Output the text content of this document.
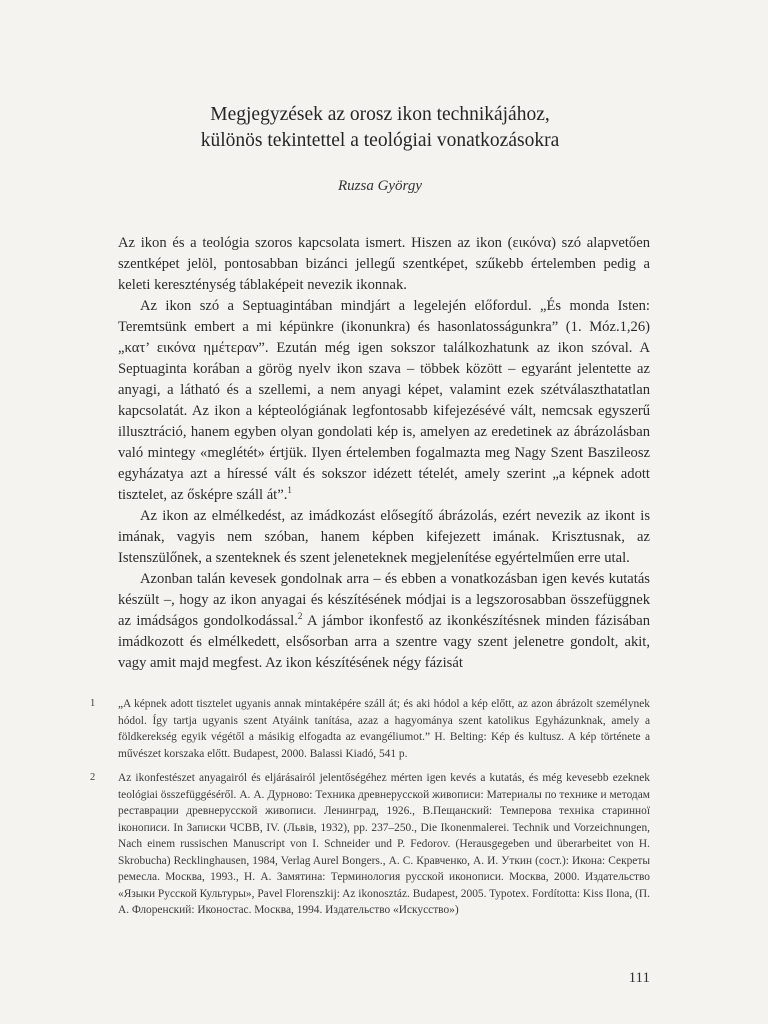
Megjegyzések az orosz ikon technikájához,
különös tekintettel a teológiai vonatkozásokra
Ruzsa György

Az ikon és a teológia szoros kapcsolata ismert. Hiszen az ikon (εικόνα) szó alapvetően szentképet jelöl, pontosabban bizánci jellegű szentképet, szűkebb értelemben pedig a keleti kereszténység táblaképeit nevezik ikonnak.

Az ikon szó a Septuagintában mindjárt a legelején előfordul. „És monda Isten: Teremtsünk embert a mi képünkre (ikonunkra) és hasonlatosságunkra” (1. Móz.1,26) „κατ’ εικόνα ημέτεραν”. Ezután még igen sokszor találkozhatunk az ikon szóval. A Septuaginta korában a görög nyelv ikon szava – többek között – egyaránt jelentette az anyagi, a látható és a szellemi, a nem anyagi képet, valamint ezek szétválaszthatatlan kapcsolatát. Az ikon a képteológiának legfontosabb kifejezésévé vált, nemcsak egyszerű illusztráció, hanem egyben olyan gondolati kép is, amelyen az eredetinek az ábrázolásban való mintegy «meglétét» értjük. Ilyen értelemben fogalmazta meg Nagy Szent Baszileosz egyházatya azt a híressé vált és sokszor idézett tételét, amely szerint „a képnek adott tisztelet, az ősképre száll át”.$^1$

Az ikon az elmélkedést, az imádkozást elősegítő ábrázolás, ezért nevezik az ikont is imának, vagyis nem szóban, hanem képben kifejezett imának. Krisztusnak, az Istenszülőnek, a szenteknek és szent jeleneteknek megjelenítése egyértelműen erre utal.

Azonban talán kevesek gondolnak arra – és ebben a vonatkozásban igen kevés kutatás készült –, hogy az ikon anyagai és készítésének módjai is a legszorosabban összefüggnek az imádságos gondolkodással.$^2$ A jámbor ikonfestő az ikonkészítésnek minden fázisában imádkozott és elmélkedett, elsősorban arra a szentre vagy szent jelenetre gondolt, akit, vagy amit majd megfest. Az ikon készítésének négy fázisát

1 „A képnek adott tisztelet ugyanis annak mintaképére száll át; és aki hódol a kép előtt, az azon ábrázolt személynek hódol. Így tartja ugyanis szent Atyáink tanítása, azaz a hagyománya szent katolikus Egyházunknak, amely a földkerekség egyik végétől a másikig elfogadta az evangéliumot.” H. Belting: Kép és kultusz. A kép története a művészet korszaka előtt. Budapest, 2000. Balassi Kiadó, 541 p.
2 Az ikonfestészet anyagairól és eljárásairól jelentőségéhez mérten igen kevés a kutatás, és még kevesebb ezeknek teológiai összefüggéséről. А. А. Дурново: Техника древнерусской живописи: Материалы по технике и методам реставрации древнерусской живописи. Ленинград, 1926., В.Пещанский: Темперова техніка старинної іконописи. In Записки ЧСВВ, IV. (Львів, 1932), pp. 237–250., Die Ikonenmalerei. Technik und Vorzeichnungen, Nach einem russischen Manuscript von I. Schneider und P. Fedorov. (Herausgegeben und überarbeitet von H. Skrobucha) Recklinghausen, 1984, Verlag Aurel Bongers., А. С. Кравченко, А. И. Уткин (сост.): Икона: Секреты ремесла. Москва, 1993., Н. А. Замятина: Терминология русской иконописи. Москва, 2000. Издательство «Языки Русской Культуры», Pavel Florenszkij: Az ikonosztáz. Budapest, 2005. Typotex. Fordította: Kiss Ilona, (П. А. Флоренский: Иконостас. Москва, 1994. Издательство «Искусство»)
111
